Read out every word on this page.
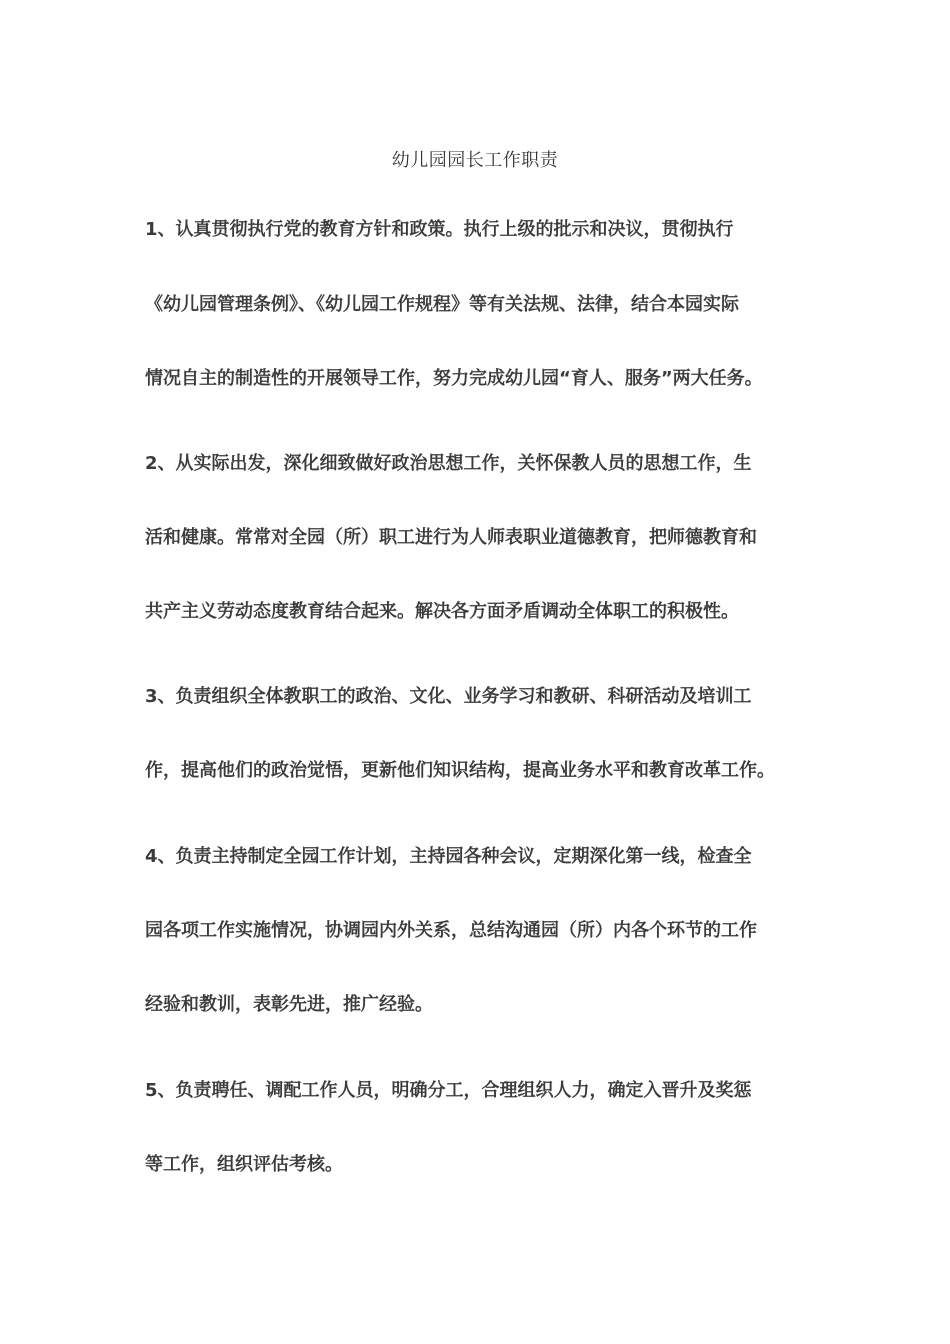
幼儿园园长工作职责

1、认真贯彻执行党的教育方针和政策。执行上级的批示和决议，贯彻执行

《幼儿园管理条例》、《幼儿园工作规程》等有关法规、法律，结合本园实际

情况自主的制造性的开展领导工作，努力完成幼儿园“育人、服务”两大任务。

2、从实际出发，深化细致做好政治思想工作，关怀保教人员的思想工作，生

活和健康。常常对全园（所）职工进行为人师表职业道德教育，把师德教育和

共产主义劳动态度教育结合起来。解决各方面矛盾调动全体职工的积极性。

3、负责组织全体教职工的政治、文化、业务学习和教研、科研活动及培训工

作，提高他们的政治觉悟，更新他们知识结构，提高业务水平和教育改革工作。

4、负责主持制定全园工作计划，主持园各种会议，定期深化第一线，检查全

园各项工作实施情况，协调园内外关系，总结沟通园（所）内各个环节的工作

经验和教训，表彰先进，推广经验。

5、负责聘任、调配工作人员，明确分工，合理组织人力，确定入晋升及奖惩

等工作，组织评估考核。
